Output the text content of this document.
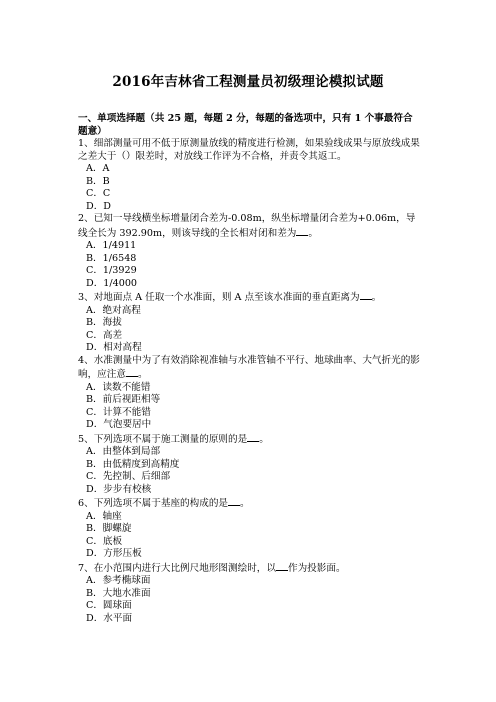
2016年吉林省工程测量员初级理论模拟试题
一、单项选择题（共 25 题，每题 2 分，每题的备选项中，只有 1 个事最符合题意）

1、细部测量可用不低于原测量放线的精度进行检测，如果验线成果与原放线成果之差大于（）限差时，对放线工作评为不合格，并责令其返工。

A．A
B．B
C．C
D．D

2、已知一导线横坐标增量闭合差为-0.08m，纵坐标增量闭合差为+0.06m，导线全长为 392.90m，则该导线的全长相对闭和差为 。

A．1/4911
B．1/6548
C．1/3929
D．1/4000

3、对地面点 A 任取一个水准面，则 A 点至该水准面的垂直距离为 。

A．绝对高程
B．海拔
C．高差
D．相对高程

4、水准测量中为了有效消除视准轴与水准管轴不平行、地球曲率、大气折光的影响，应注意 。

A．读数不能错
B．前后视距相等
C．计算不能错
D．气泡要居中

5、下列选项不属于施工测量的原则的是 。

A．由整体到局部
B．由低精度到高精度
C．先控制、后细部
D．步步有校核

6、下列选项不属于基座的构成的是 。

A．轴座
B．脚螺旋
C．底板
D．方形压板

7、在小范围内进行大比例尺地形图测绘时，以 作为投影面。

A．参考椭球面
B．大地水准面
C．圆球面
D．水平面
